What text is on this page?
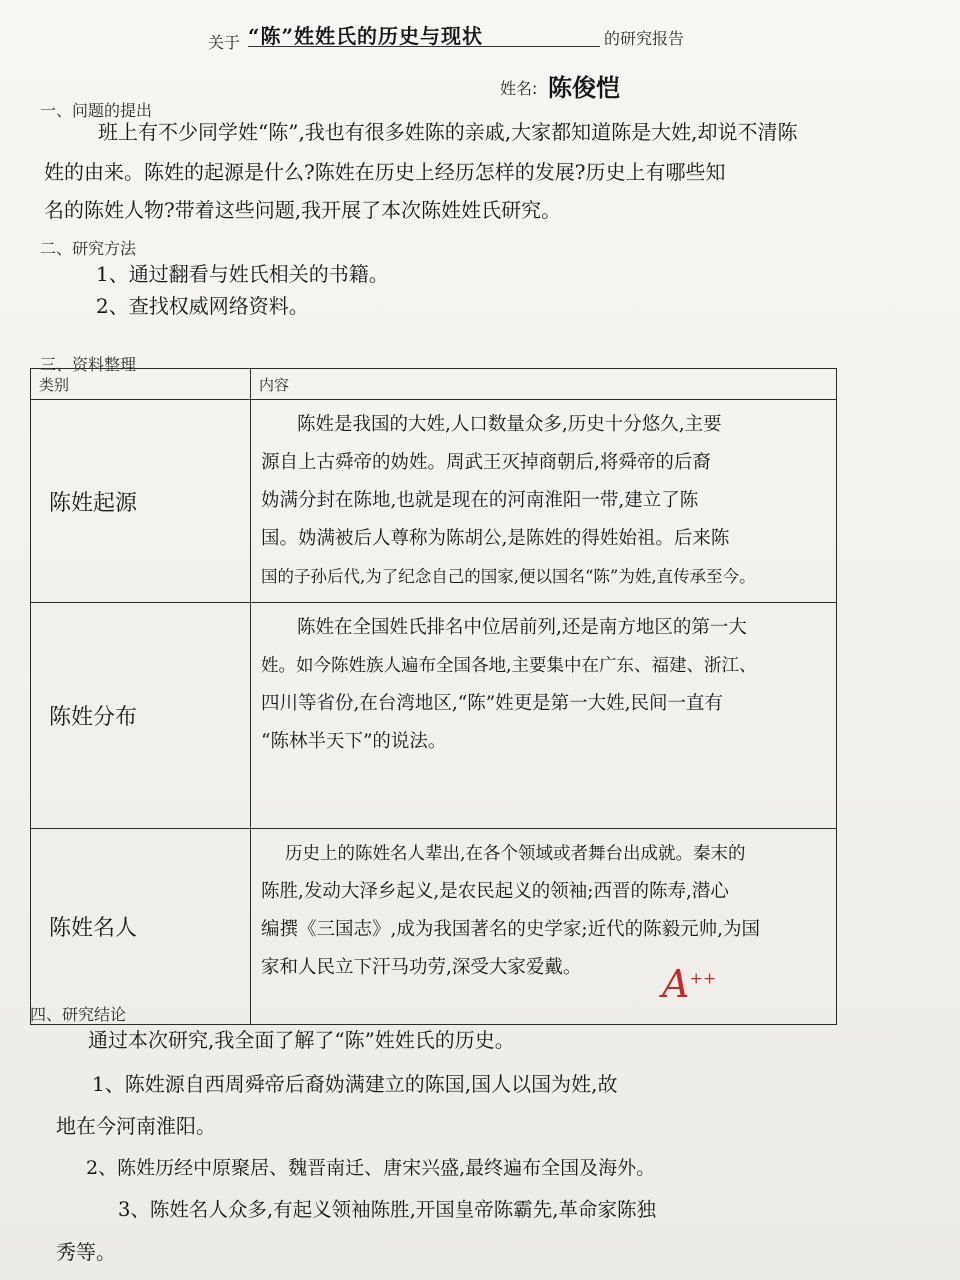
关于 “陈”姓姓氏的历史与现状	的研究报告
姓名: 陈俊恺
一、问题的提出
班上有不少同学姓“陈”,我也有很多姓陈的亲戚,大家都知道陈是大姓,却说不清陈
姓的由来。陈姓的起源是什么?陈姓在历史上经历怎样的发展?历史上有哪些知
名的陈姓人物?带着这些问题,我开展了本次陈姓姓氏研究。
二、研究方法
1、通过翻看与姓氏相关的书籍。
2、查找权威网络资料。
三、资料整理
类别	内容
陈姓起源	陈姓是我国的大姓,人口数量众多,历史十分悠久,主要
源自上古舜帝的妫姓。周武王灭掉商朝后,将舜帝的后裔
妫满分封在陈地,也就是现在的河南淮阳一带,建立了陈
国。妫满被后人尊称为陈胡公,是陈姓的得姓始祖。后来陈
国的子孙后代,为了纪念自己的国家,便以国名“陈”为姓,直传承至今。

陈姓分布	陈姓在全国姓氏排名中位居前列,还是南方地区的第一大
姓。如今陈姓族人遍布全国各地,主要集中在广东、福建、浙江、
四川等省份,在台湾地区,“陈”姓更是第一大姓,民间一直有
“陈林半天下”的说法。

陈姓名人	历史上的陈姓名人辈出,在各个领域或者舞台出成就。秦末的
陈胜,发动大泽乡起义,是农民起义的领袖;西晋的陈寿,潜心
编撰《三国志》,成为我国著名的史学家;近代的陈毅元帅,为国
家和人民立下汗马功劳,深受大家爱戴。	A++
四、研究结论
通过本次研究,我全面了解了“陈”姓姓氏的历史。
1、陈姓源自西周舜帝后裔妫满建立的陈国,国人以国为姓,故
地在今河南淮阳。
2、陈姓历经中原聚居、魏晋南迁、唐宋兴盛,最终遍布全国及海外。
3、陈姓名人众多,有起义领袖陈胜,开国皇帝陈霸先,革命家陈独
秀等。
